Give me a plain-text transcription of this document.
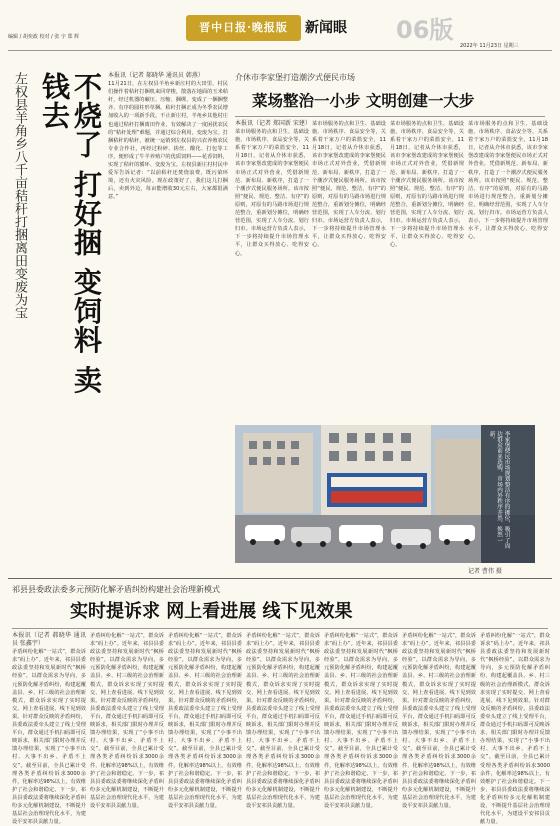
晋中日报·晚报版	新闻眼 06版
编辑 / 胡奕政 校对 / 张 宇 郑 辉
2022年 11月23日 星期三
左权县羊角乡八千亩秸秆打捆离田变废为宝	不烧了 打好捆 变饲料 卖钱去	本报讯（记者 郝晓华 通讯员 韩燕）
11月21日，在左权县羊角乡新庄村的大田里，村民们操作着秸秆打捆机来回穿梭，散落在地面的玉米秸秆，经过机器的碾压、压缩、捆绑，变成了一捆捆整齐、有序的圆柱形草捆。秸秆打捆正成为冬季农民增加收入的一项新手段。不止新庄村，羊角乡其他村庄也通过秸秆打捆离田作业，有效解决了一度困扰农民的“秸秆处理”难题，并通过综合利用，变废为宝。打捆秸秆的秸秆，被统一运销到左权县的兴农养殖农民专业合作社，再经过粉碎、搓丝、酸化、打包等工序，便形成了牛羊养殖户的优质饲料——花香饲料，实现了秸秆的循环、变废为宝。左权县新庄村村民申爱军告诉记者：“以前秸秆还焚烧浪费，既污染环境，还有火灾风险。现在政策好了，我们这儿打捆后，卖到外边，每亩能增收30元左右，大家都很满意。”
介休市李家堡打造潮汐式便民市场
菜场整治一小步 文明创建一大步
本报讯（记者 郑国新 宋建）
菜市场服务的点和卫生、基础设施、市场秩序、食品安全等，关系着干家万户的菜篮安全，11月18日，记者从介休市获悉，该市李家堡改建成的李家堡便民市场正式对外营业，凭借新规范、新布局、新秩序，打造了一个潮汐式便民服务场所。该市按照“便民、规范、整洁、有序”的原则，对原有的马路市场进行规范整合，重新划分摊位，明确经营范围，实现了人车分流、划行归市。市场运营方负责人表示，下一步将持续提升市场管理水平，让群众买得放心、吃得安心。
菜市场服务的点和卫生、基础设施、市场秩序、食品安全等，关系着干家万户的菜篮安全，11月18日，记者从介休市获悉，该市李家堡改建成的李家堡便民市场正式对外营业，凭借新规范、新布局、新秩序，打造了一个潮汐式便民服务场所。该市按照“便民、规范、整洁、有序”的原则，对原有的马路市场进行规范整合，重新划分摊位，明确经营范围，实现了人车分流、划行归市。市场运营方负责人表示，下一步将持续提升市场管理水平，让群众买得放心、吃得安心。
菜市场服务的点和卫生、基础设施、市场秩序、食品安全等，关系着干家万户的菜篮安全，11月18日，记者从介休市获悉，该市李家堡改建成的李家堡便民市场正式对外营业，凭借新规范、新布局、新秩序，打造了一个潮汐式便民服务场所。该市按照“便民、规范、整洁、有序”的原则，对原有的马路市场进行规范整合，重新划分摊位，明确经营范围，实现了人车分流、划行归市。市场运营方负责人表示，下一步将持续提升市场管理水平，让群众买得放心、吃得安心。
菜市场服务的点和卫生、基础设施、市场秩序、食品安全等，关系着干家万户的菜篮安全，11月18日，记者从介休市获悉，该市李家堡改建成的李家堡便民市场正式对外营业，凭借新规范、新布局、新秩序，打造了一个潮汐式便民服务场所。该市按照“便民、规范、整洁、有序”的原则，对原有的马路市场进行规范整合，重新划分摊位，明确经营范围，实现了人车分流、划行归市。市场运营方负责人表示，下一步将持续提升市场管理水平，让群众买得放心、吃得安心。
李家堡便民市场规划整洁有序的摊位，吸引了周边群众前来选购，市场内外秩序井然、焕然一新。
记者 曹伟 摄
祁县县委政法委多元预防化解矛盾纠纷构建社会治理新模式
实时提诉求 网上看进展 线下见效果
本报讯（记者 郝晓华 通讯员 张鑫宇）
矛盾纠纷化解“一站式”，群众诉求“码上办”。近年来，祁县县委政法委坚持和发展新时代“枫桥经验”，以群众需求为导向，多元预防化解矛盾纠纷，构建起覆盖县、乡、村三级的社会治理新模式，群众诉求实现了实时提交、网上查看进展、线下见到效果。针对群众反映的矛盾纠纷，县委政法委牵头建立了线上受理平台，群众通过手机扫码即可反映诉求，相关部门限时办理并反馈办理结果，实现了“小事不出村、大事不出乡、矛盾不上交”。截至目前，全县已累计受理各类矛盾纠纷诉求3000余件，化解率达98%以上，有效维护了社会和谐稳定。下一步，祁县县委政法委将继续深化矛盾纠纷多元化解机制建设，不断提升基层社会治理现代化水平，为建设平安祁县贡献力量。
矛盾纠纷化解“一站式”，群众诉求“码上办”。近年来，祁县县委政法委坚持和发展新时代“枫桥经验”，以群众需求为导向，多元预防化解矛盾纠纷，构建起覆盖县、乡、村三级的社会治理新模式，群众诉求实现了实时提交、网上查看进展、线下见到效果。针对群众反映的矛盾纠纷，县委政法委牵头建立了线上受理平台，群众通过手机扫码即可反映诉求，相关部门限时办理并反馈办理结果，实现了“小事不出村、大事不出乡、矛盾不上交”。截至目前，全县已累计受理各类矛盾纠纷诉求3000余件，化解率达98%以上，有效维护了社会和谐稳定。下一步，祁县县委政法委将继续深化矛盾纠纷多元化解机制建设，不断提升基层社会治理现代化水平，为建设平安祁县贡献力量。
矛盾纠纷化解“一站式”，群众诉求“码上办”。近年来，祁县县委政法委坚持和发展新时代“枫桥经验”，以群众需求为导向，多元预防化解矛盾纠纷，构建起覆盖县、乡、村三级的社会治理新模式，群众诉求实现了实时提交、网上查看进展、线下见到效果。针对群众反映的矛盾纠纷，县委政法委牵头建立了线上受理平台，群众通过手机扫码即可反映诉求，相关部门限时办理并反馈办理结果，实现了“小事不出村、大事不出乡、矛盾不上交”。截至目前，全县已累计受理各类矛盾纠纷诉求3000余件，化解率达98%以上，有效维护了社会和谐稳定。下一步，祁县县委政法委将继续深化矛盾纠纷多元化解机制建设，不断提升基层社会治理现代化水平，为建设平安祁县贡献力量。
矛盾纠纷化解“一站式”，群众诉求“码上办”。近年来，祁县县委政法委坚持和发展新时代“枫桥经验”，以群众需求为导向，多元预防化解矛盾纠纷，构建起覆盖县、乡、村三级的社会治理新模式，群众诉求实现了实时提交、网上查看进展、线下见到效果。针对群众反映的矛盾纠纷，县委政法委牵头建立了线上受理平台，群众通过手机扫码即可反映诉求，相关部门限时办理并反馈办理结果，实现了“小事不出村、大事不出乡、矛盾不上交”。截至目前，全县已累计受理各类矛盾纠纷诉求3000余件，化解率达98%以上，有效维护了社会和谐稳定。下一步，祁县县委政法委将继续深化矛盾纠纷多元化解机制建设，不断提升基层社会治理现代化水平，为建设平安祁县贡献力量。
矛盾纠纷化解“一站式”，群众诉求“码上办”。近年来，祁县县委政法委坚持和发展新时代“枫桥经验”，以群众需求为导向，多元预防化解矛盾纠纷，构建起覆盖县、乡、村三级的社会治理新模式，群众诉求实现了实时提交、网上查看进展、线下见到效果。针对群众反映的矛盾纠纷，县委政法委牵头建立了线上受理平台，群众通过手机扫码即可反映诉求，相关部门限时办理并反馈办理结果，实现了“小事不出村、大事不出乡、矛盾不上交”。截至目前，全县已累计受理各类矛盾纠纷诉求3000余件，化解率达98%以上，有效维护了社会和谐稳定。下一步，祁县县委政法委将继续深化矛盾纠纷多元化解机制建设，不断提升基层社会治理现代化水平，为建设平安祁县贡献力量。
矛盾纠纷化解“一站式”，群众诉求“码上办”。近年来，祁县县委政法委坚持和发展新时代“枫桥经验”，以群众需求为导向，多元预防化解矛盾纠纷，构建起覆盖县、乡、村三级的社会治理新模式，群众诉求实现了实时提交、网上查看进展、线下见到效果。针对群众反映的矛盾纠纷，县委政法委牵头建立了线上受理平台，群众通过手机扫码即可反映诉求，相关部门限时办理并反馈办理结果，实现了“小事不出村、大事不出乡、矛盾不上交”。截至目前，全县已累计受理各类矛盾纠纷诉求3000余件，化解率达98%以上，有效维护了社会和谐稳定。下一步，祁县县委政法委将继续深化矛盾纠纷多元化解机制建设，不断提升基层社会治理现代化水平，为建设平安祁县贡献力量。
矛盾纠纷化解“一站式”，群众诉求“码上办”。近年来，祁县县委政法委坚持和发展新时代“枫桥经验”，以群众需求为导向，多元预防化解矛盾纠纷，构建起覆盖县、乡、村三级的社会治理新模式，群众诉求实现了实时提交、网上查看进展、线下见到效果。针对群众反映的矛盾纠纷，县委政法委牵头建立了线上受理平台，群众通过手机扫码即可反映诉求，相关部门限时办理并反馈办理结果，实现了“小事不出村、大事不出乡、矛盾不上交”。截至目前，全县已累计受理各类矛盾纠纷诉求3000余件，化解率达98%以上，有效维护了社会和谐稳定。下一步，祁县县委政法委将继续深化矛盾纠纷多元化解机制建设，不断提升基层社会治理现代化水平，为建设平安祁县贡献力量。
